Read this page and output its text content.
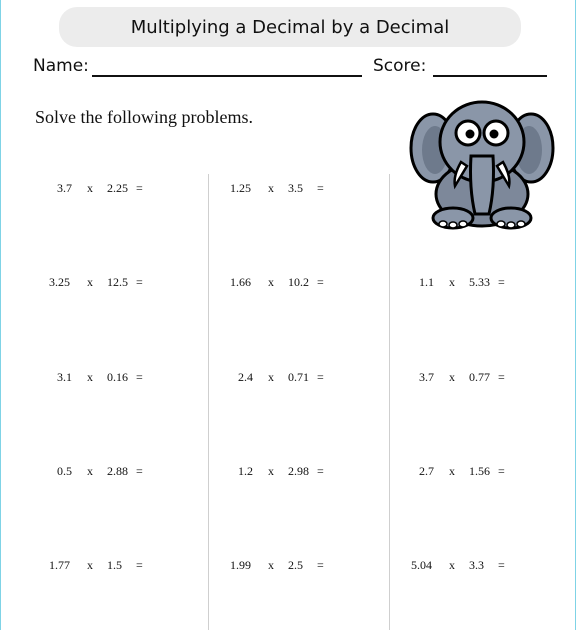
Multiplying a Decimal by a Decimal
Name:	Score:
Solve the following problems.
3.7 x 2.25 =
3.25 x 12.5 =
3.1 x 0.16 =
0.5 x 2.88 =
1.77 x 1.5 =
1.25 x 3.5 =
1.66 x 10.2 =
2.4 x 0.71 =
1.2 x 2.98 =
1.99 x 2.5 =
1.1 x 5.33 =
3.7 x 0.77 =
2.7 x 1.56 =
5.04 x 3.3 =
